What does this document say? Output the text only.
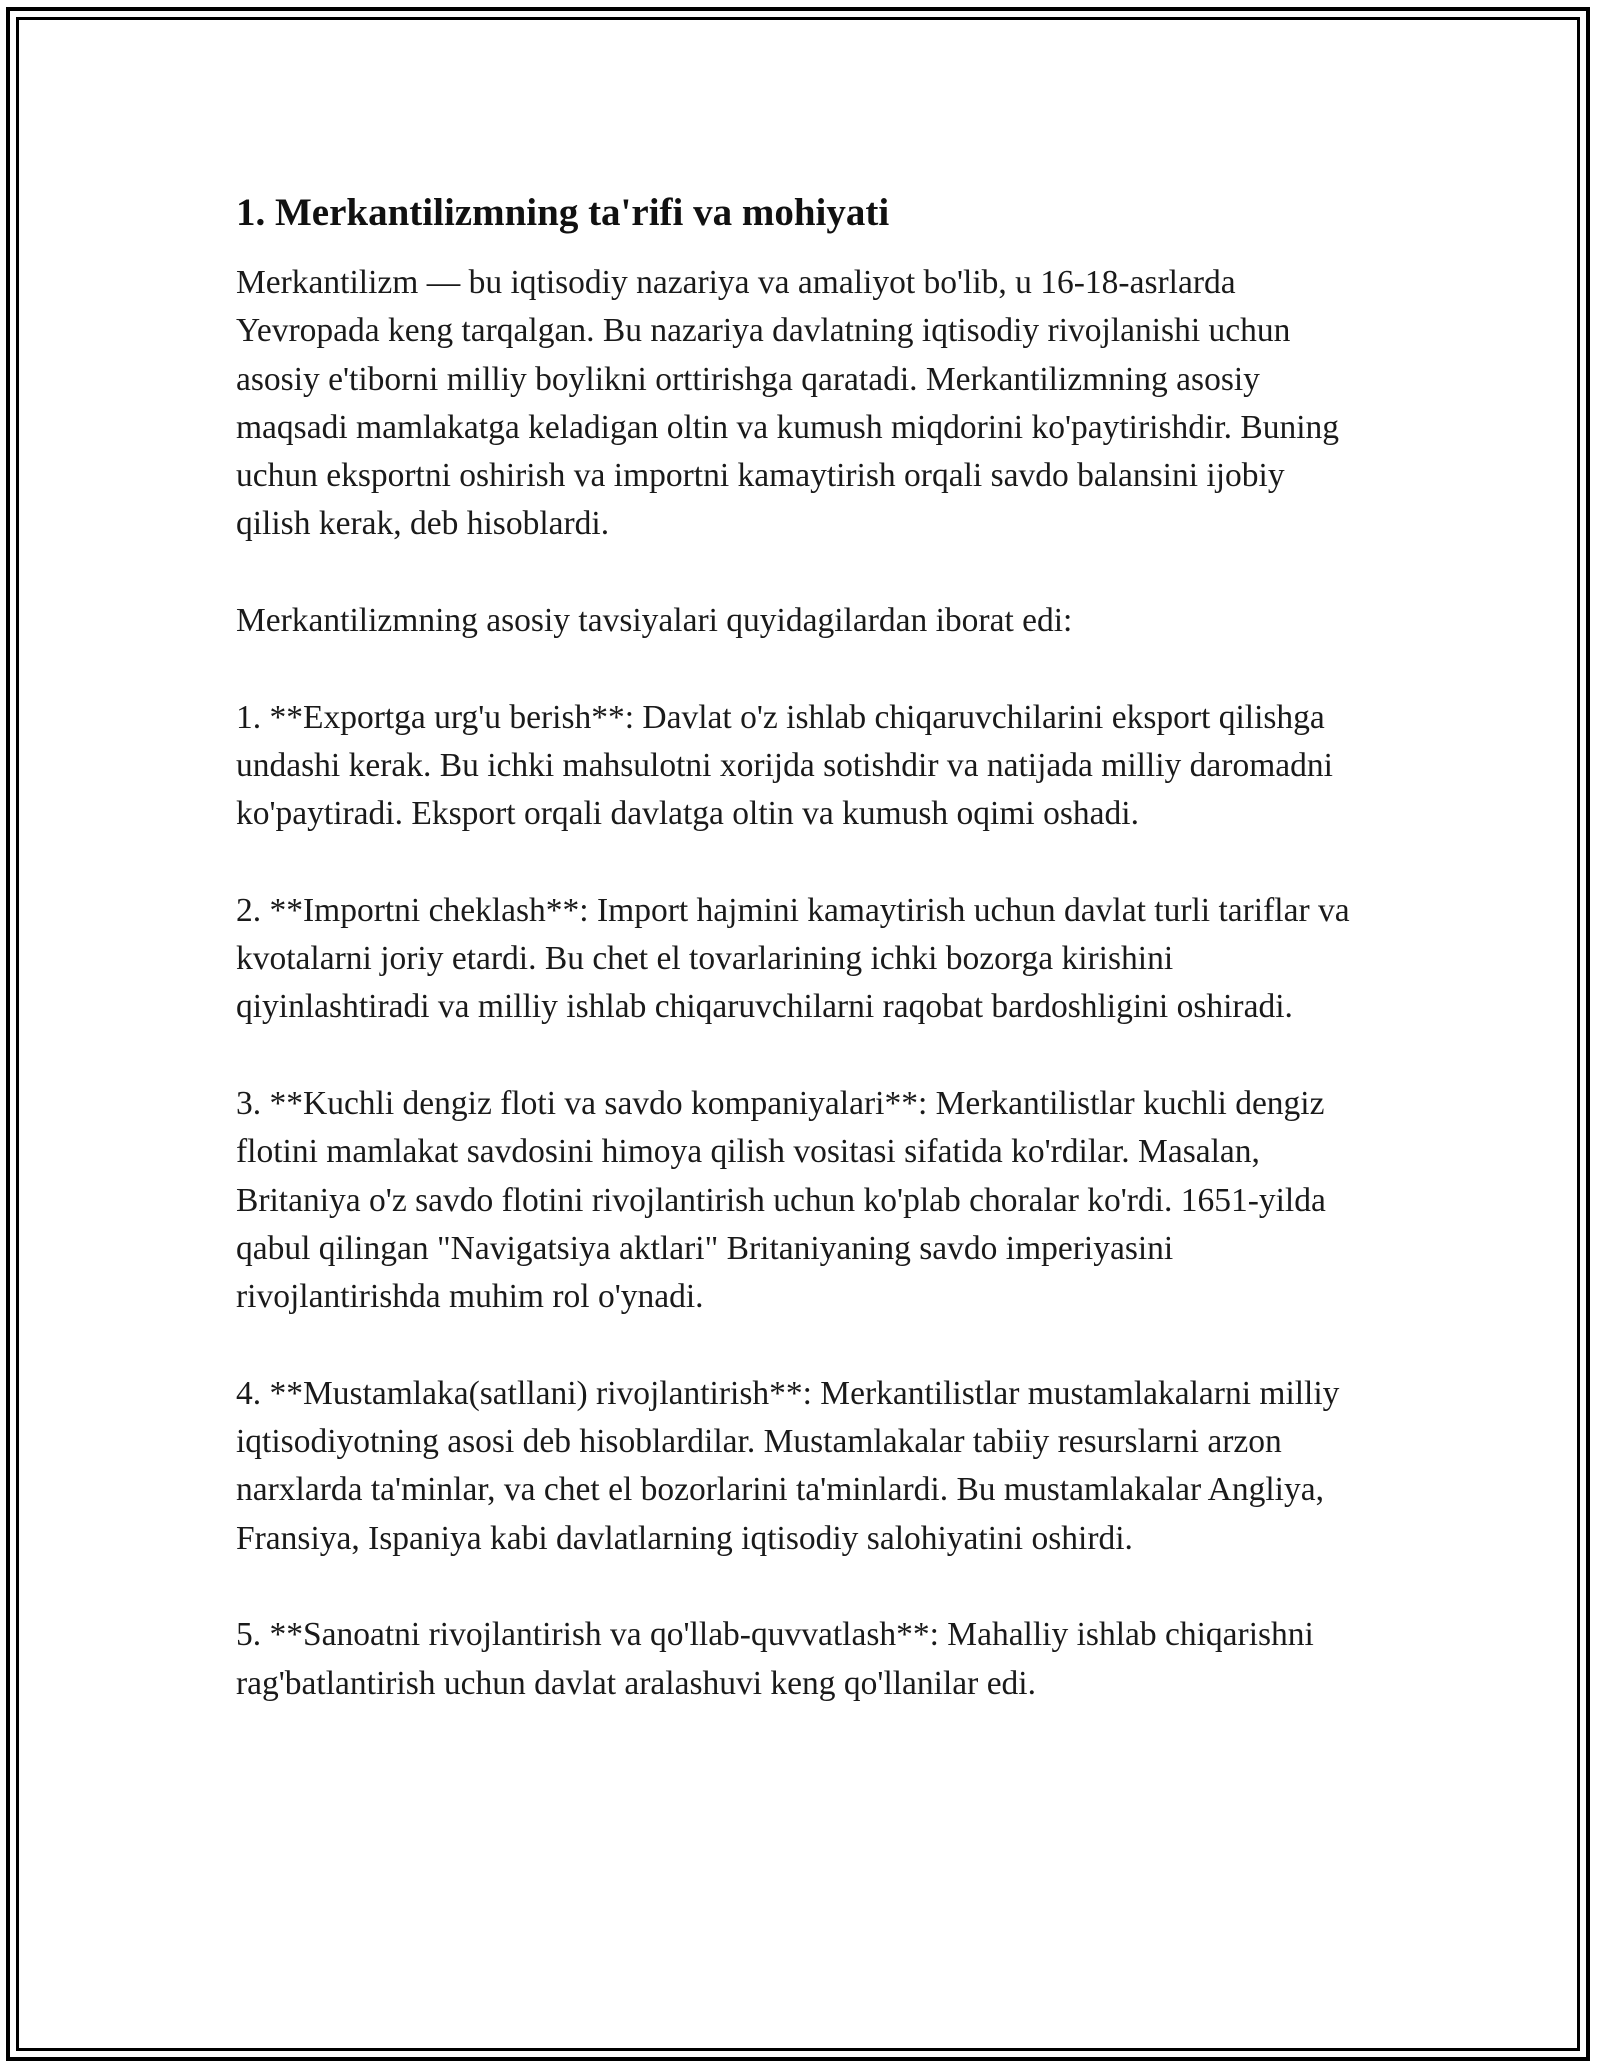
1. Merkantilizmning ta'rifi va mohiyati

Merkantilizm — bu iqtisodiy nazariya va amaliyot bo'lib, u 16-18-asrlarda Yevropada keng tarqalgan. Bu nazariya davlatning iqtisodiy rivojlanishi uchun asosiy e'tiborni milliy boylikni orttirishga qaratadi. Merkantilizmning asosiy maqsadi mamlakatga keladigan oltin va kumush miqdorini ko'paytirishdir. Buning uchun eksportni oshirish va importni kamaytirish orqali savdo balansini ijobiy qilish kerak, deb hisoblardi.

Merkantilizmning asosiy tavsiyalari quyidagilardan iborat edi:

1. **Exportga urg'u berish**: Davlat o'z ishlab chiqaruvchilarini eksport qilishga undashi kerak. Bu ichki mahsulotni xorijda sotishdir va natijada milliy daromadni ko'paytiradi. Eksport orqali davlatga oltin va kumush oqimi oshadi.

2. **Importni cheklash**: Import hajmini kamaytirish uchun davlat turli tariflar va kvotalarni joriy etardi. Bu chet el tovarlarining ichki bozorga kirishini qiyinlashtiradi va milliy ishlab chiqaruvchilarni raqobat bardoshligini oshiradi.

3. **Kuchli dengiz floti va savdo kompaniyalari**: Merkantilistlar kuchli dengiz flotini mamlakat savdosini himoya qilish vositasi sifatida ko'rdilar. Masalan, Britaniya o'z savdo flotini rivojlantirish uchun ko'plab choralar ko'rdi. 1651-yilda qabul qilingan "Navigatsiya aktlari" Britaniyaning savdo imperiyasini rivojlantirishda muhim rol o'ynadi.

4. **Mustamlaka(satllani) rivojlantirish**: Merkantilistlar mustamlakalarni milliy iqtisodiyotning asosi deb hisoblardilar. Mustamlakalar tabiiy resurslarni arzon narxlarda ta'minlar, va chet el bozorlarini ta'minlardi. Bu mustamlakalar Angliya, Fransiya, Ispaniya kabi davlatlarning iqtisodiy salohiyatini oshirdi.

5. **Sanoatni rivojlantirish va qo'llab-quvvatlash**: Mahalliy ishlab chiqarishni rag'batlantirish uchun davlat aralashuvi keng qo'llanilar edi.
